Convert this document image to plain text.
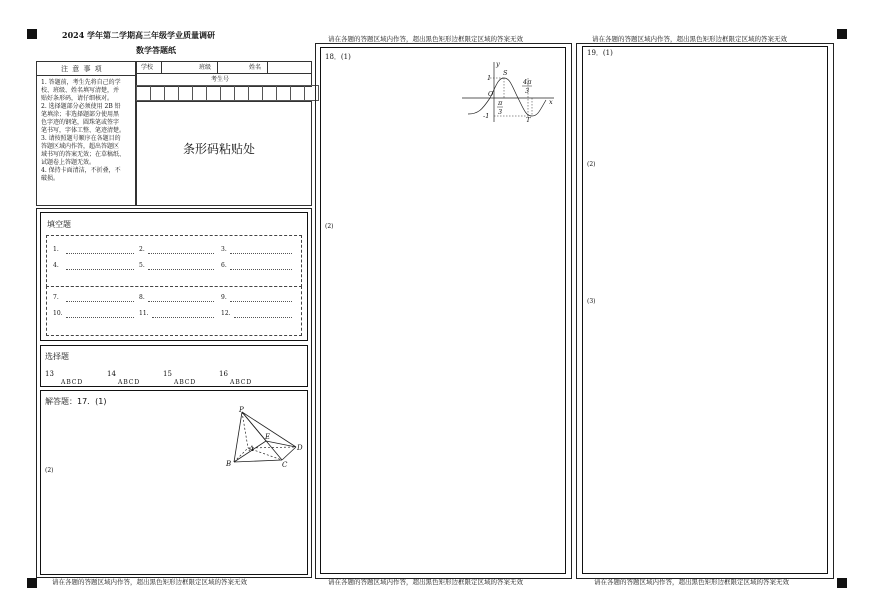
2024 学年第二学期高三年级学业质量调研
数学答题纸
注 意 事 项
1. 答题前，考生先将自己的学
校、班级、姓名填写清楚，并
贴好条形码，请仔细核对。
2. 选择题部分必须使用 2B 铅
笔填涂；非选择题部分使用黑
色字迹的钢笔，圆珠笔或签字
笔书写，字体工整、笔迹清楚。
3. 请按照题号顺序在各题目的
答题区域内作答，超出答题区
域书写的答案无效；在草稿纸、
试题卷上答题无效。
4. 保持卡面清洁，不折叠，不
破损。
学校	班级	姓名
考生号

条形码粘贴处
填空题
1.	2.	3.
4.	5.	6.
7.	8.	9.
10.	11.	12.
选择题
13
ABCD
14
ABCD
15
ABCD
16
ABCD
解答题：17．(1)
(2)
P
A
B	C
D
E
请在各题的答题区域内作答，超出黑色矩形边框限定区域的答案无效
请在各题的答题区域内作答，超出黑色矩形边框限定区域的答案无效
18．(1)
(2)
y
x
O
1
-1
S
T
π
3
4π
3
请在各题的答题区域内作答，超出黑色矩形边框限定区域的答案无效
请在各题的答题区域内作答，超出黑色矩形边框限定区域的答案无效
19．(1)
(2)
(3)
请在各题的答题区域内作答，超出黑色矩形边框限定区域的答案无效
